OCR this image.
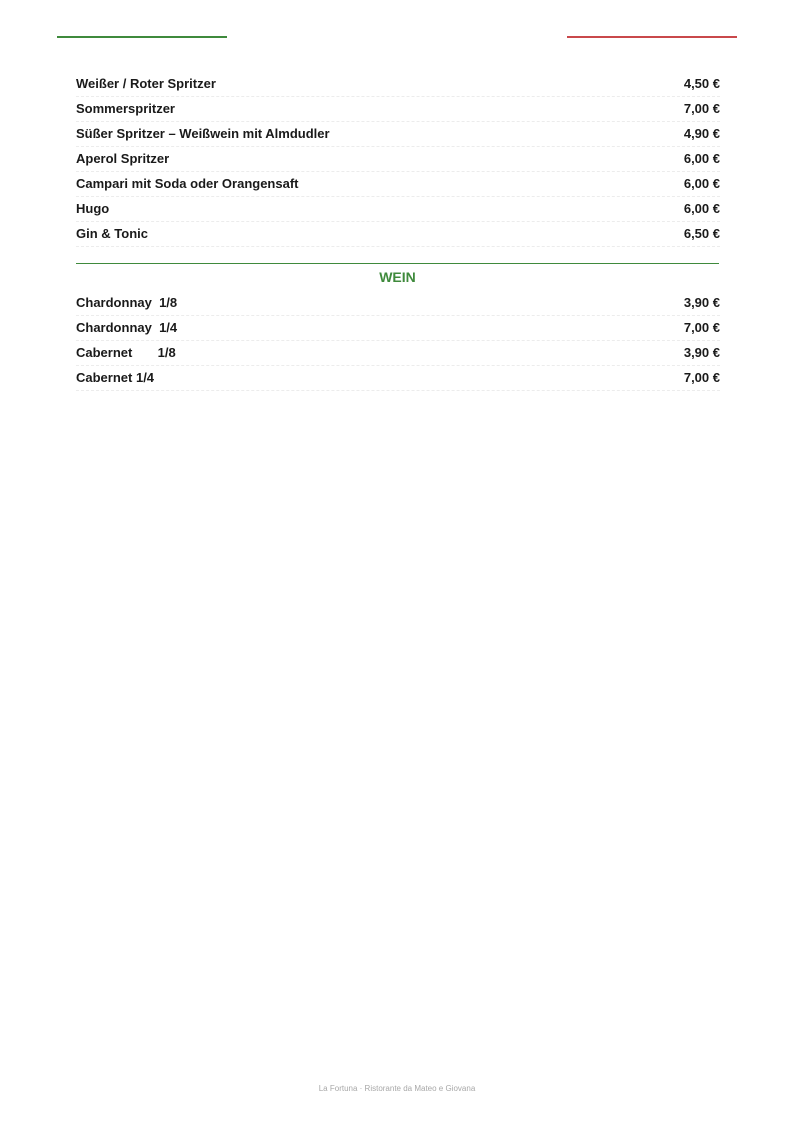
Weißer / Roter Spritzer	4,50 €
Sommerspritzer	7,00 €
Süßer Spritzer – Weißwein mit Almdudler	4,90 €
Aperol Spritzer	6,00 €
Campari mit Soda oder Orangensaft	6,00 €
Hugo	6,00 €
Gin & Tonic	6,50 €
WEIN
Chardonnay  1/8	3,90 €
Chardonnay  1/4	7,00 €
Cabernet       1/8	3,90 €
Cabernet 1/4	7,00 €
La Fortuna · Ristorante da Mateo e Giovana
